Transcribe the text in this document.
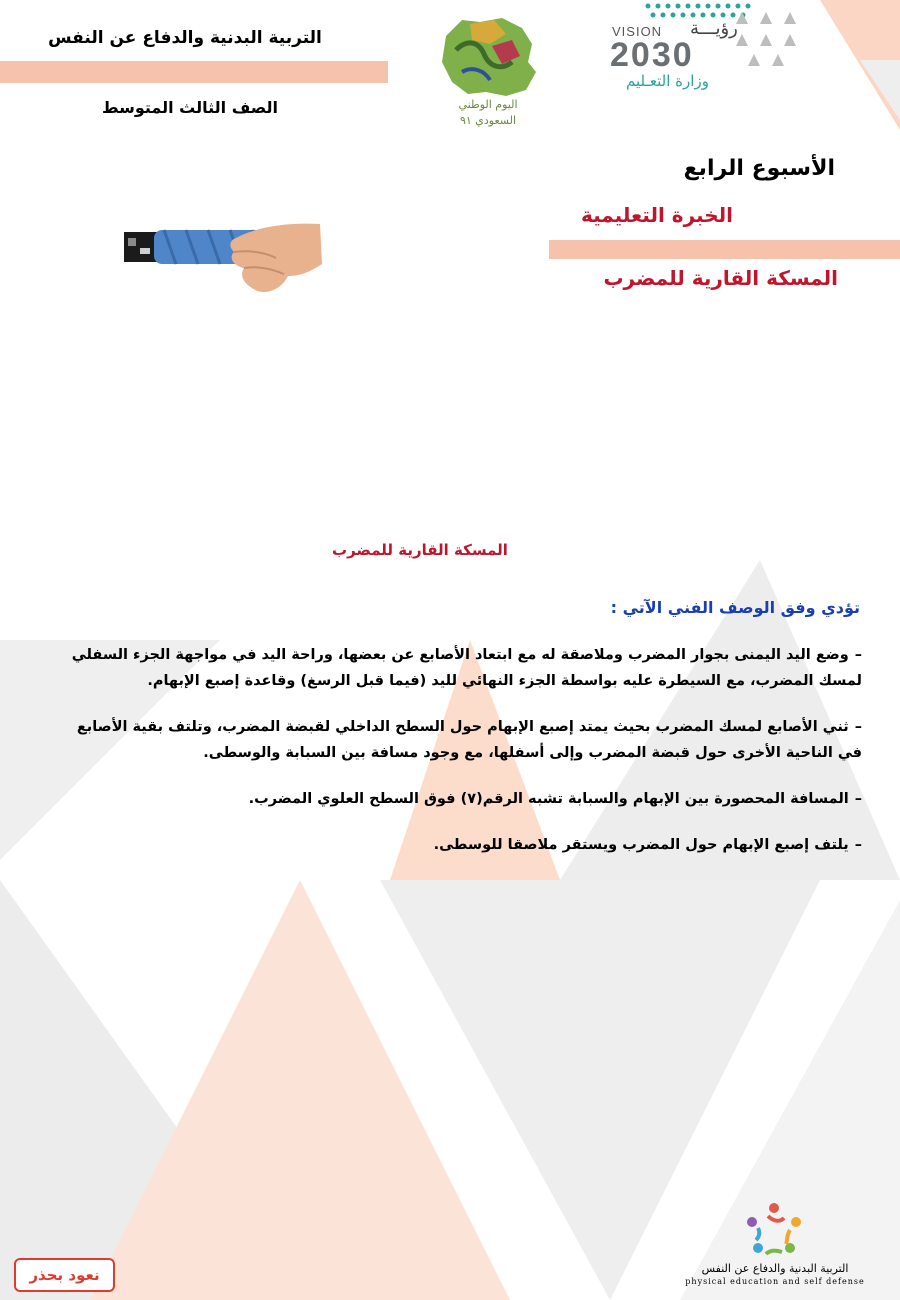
التربية البدنية والدفاع عن النفس
الصف الثالث المتوسط	اليوم الوطني
السعودي ٩١
VISION رؤيـــة
2030
وزارة التعـليم
الأسبوع الرابع
الخبرة التعليمية
المسكة القارية للمضرب
المسكة القارية للمضرب
تؤدي وفق الوصف الفني الآتي :
–وضع اليد اليمنى بجوار المضرب وملاصقة له مع ابتعاد الأصابع عن بعضها، وراحة اليد في مواجهة الجزء السفلي لمسك المضرب، مع السيطرة عليه بواسطة الجزء النهائي لليد (فيما قبل الرسغ) وقاعدة إصبع الإبهام.
–ثني الأصابع لمسك المضرب بحيث يمتد إصبع الإبهام حول السطح الداخلي لقبضة المضرب، وتلتف بقية الأصابع في الناحية الأخرى حول قبضة المضرب وإلى أسفلها، مع وجود مسافة بين السبابة والوسطى.
–المسافة المحصورة بين الإبهام والسبابة تشبه الرقم(٧) فوق السطح العلوي المضرب.
–يلتف إصبع الإبهام حول المضرب ويستقر ملاصقا للوسطى.
التربية البدنية والدفاع عن النفس
physical education and self defense
نعود بحذر
